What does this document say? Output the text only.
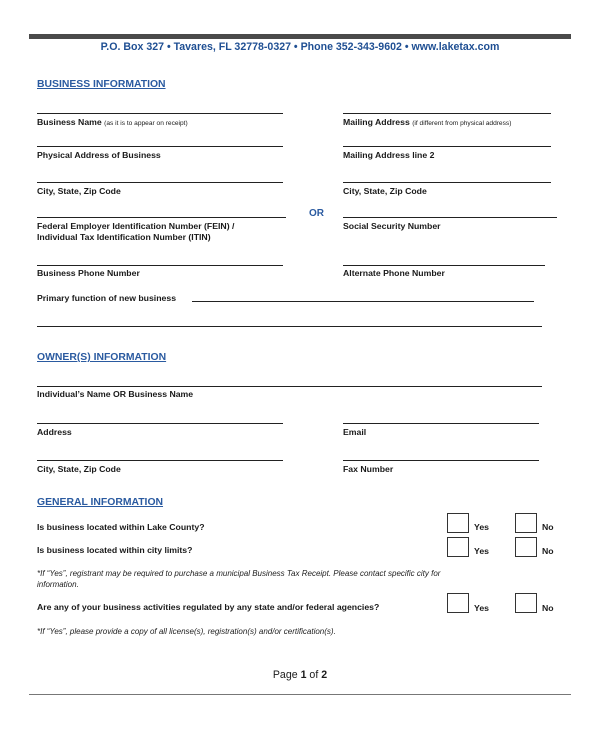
P.O. Box 327 • Tavares, FL 32778-0327 • Phone 352-343-9602 • www.laketax.com
BUSINESS INFORMATION
Business Name (as it is to appear on receipt)	Mailing Address (if different from physical address)
Physical Address of Business	Mailing Address line 2
City, State, Zip Code	City, State, Zip Code
Federal Employer Identification Number (FEIN) /
Individual Tax Identification Number (ITIN)
OR
Social Security Number
Business Phone Number	Alternate Phone Number
Primary function of new business
OWNER(S) INFORMATION
Individual’s Name OR Business Name
Address	Email
City, State, Zip Code	Fax Number
GENERAL INFORMATION
Is business located within Lake County?	Yes	No
Is business located within city limits?	Yes	No
*If “Yes”, registrant may be required to purchase a municipal Business Tax Receipt. Please contact specific city for
information.
Are any of your business activities regulated by any state and/or federal agencies?	Yes	No
*If “Yes”, please provide a copy of all license(s), registration(s) and/or certification(s).
Page 1 of 2
